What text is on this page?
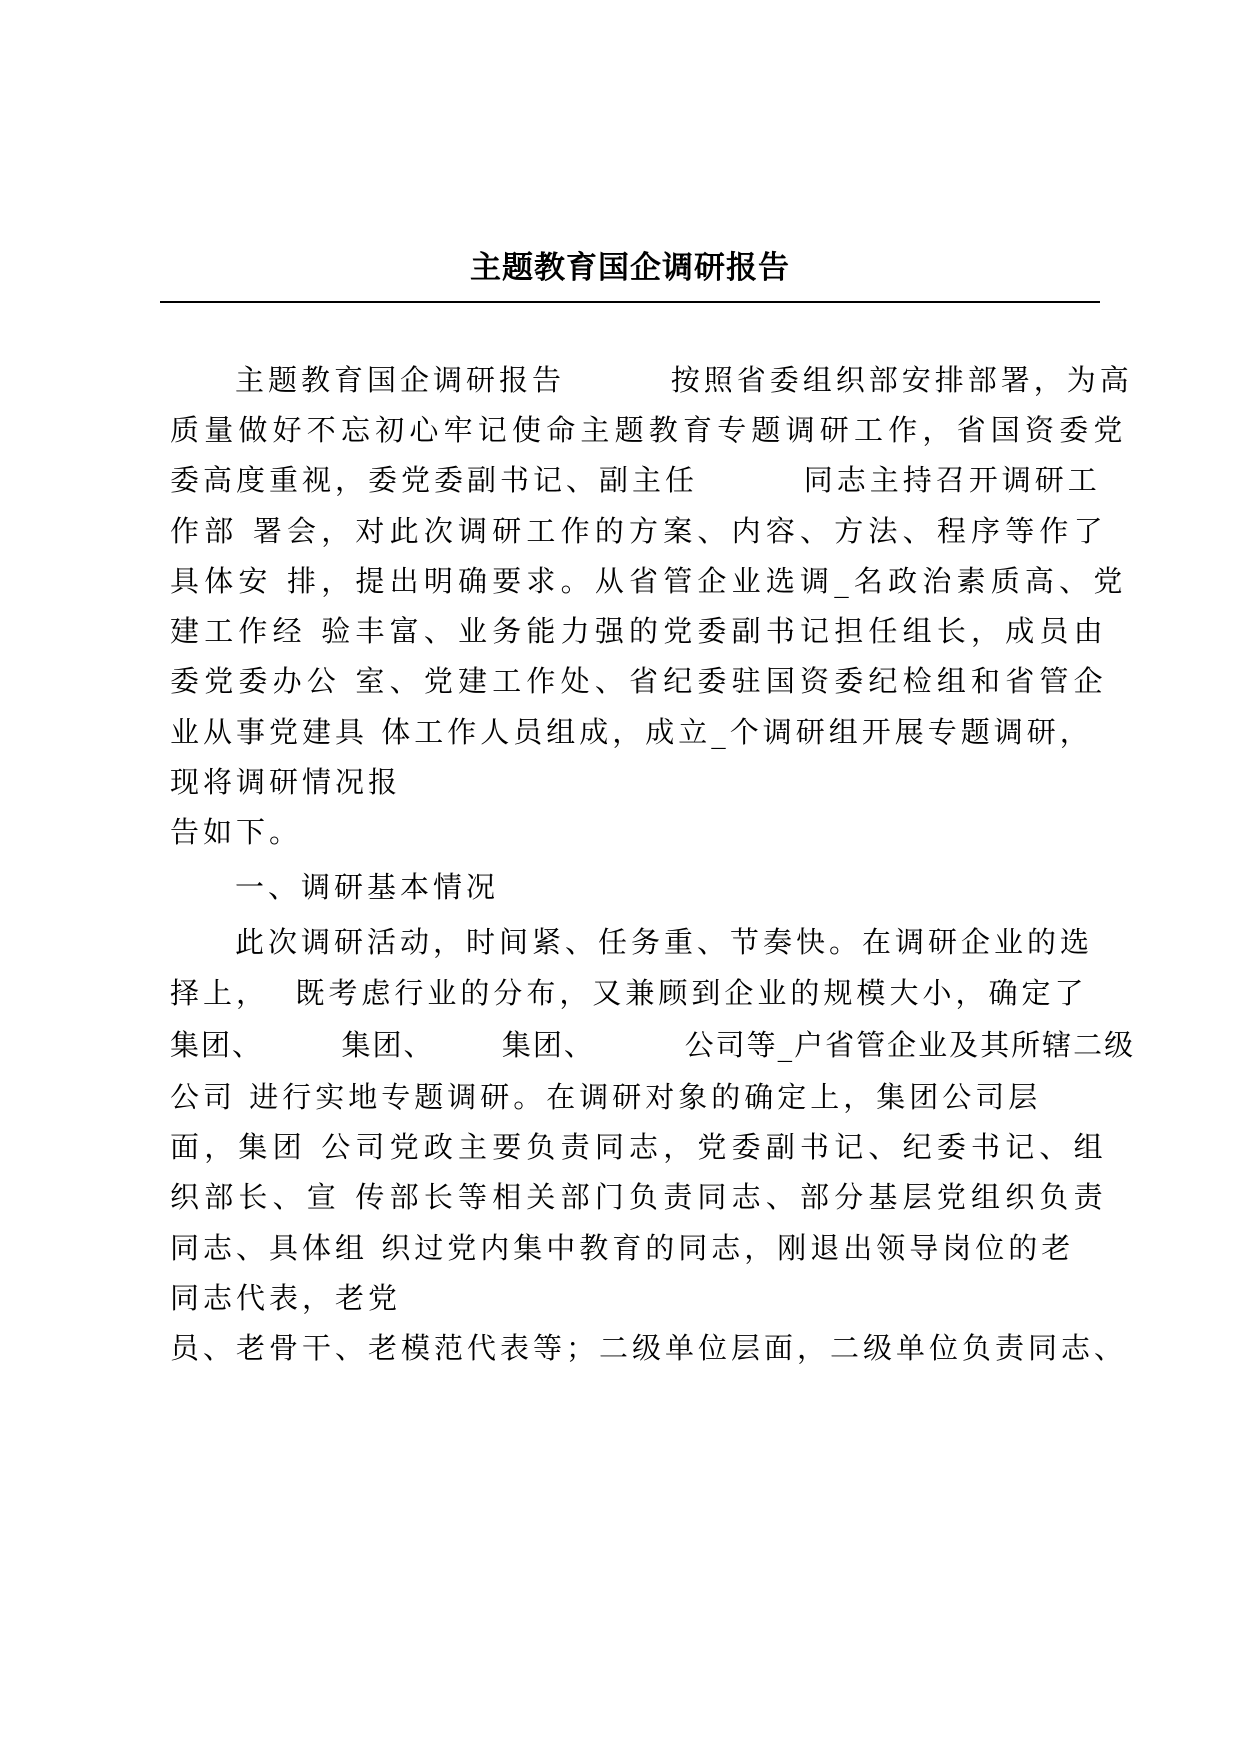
主题教育国企调研报告
主题教育国企调研报告        按照省委组织部安排部署，为高
质量做好不忘初心牢记使命主题教育专题调研工作，省国资委党
委高度重视，委党委副书记、副主任        同志主持召开调研工
作部 署会，对此次调研工作的方案、内容、方法、程序等作了
具体安 排，提出明确要求。从省管企业选调_名政治素质高、党
建工作经 验丰富、业务能力强的党委副书记担任组长，成员由
委党委办公 室、党建工作处、省纪委驻国资委纪检组和省管企
业从事党建具 体工作人员组成，成立_个调研组开展专题调研，
现将调研情况报
告如下。
一、调研基本情况
此次调研活动，时间紧、任务重、节奏快。在调研企业的选
择上，  既考虑行业的分布，又兼顾到企业的规模大小，确定了
集团、       集团、      集团、        公司等_户省管企业及其所辖二级
公司 进行实地专题调研。在调研对象的确定上，集团公司层
面，集团 公司党政主要负责同志，党委副书记、纪委书记、组
织部长、宣 传部长等相关部门负责同志、部分基层党组织负责
同志、具体组 织过党内集中教育的同志，刚退出领导岗位的老
同志代表，老党
员、老骨干、老模范代表等；二级单位层面，二级单位负责同志、
